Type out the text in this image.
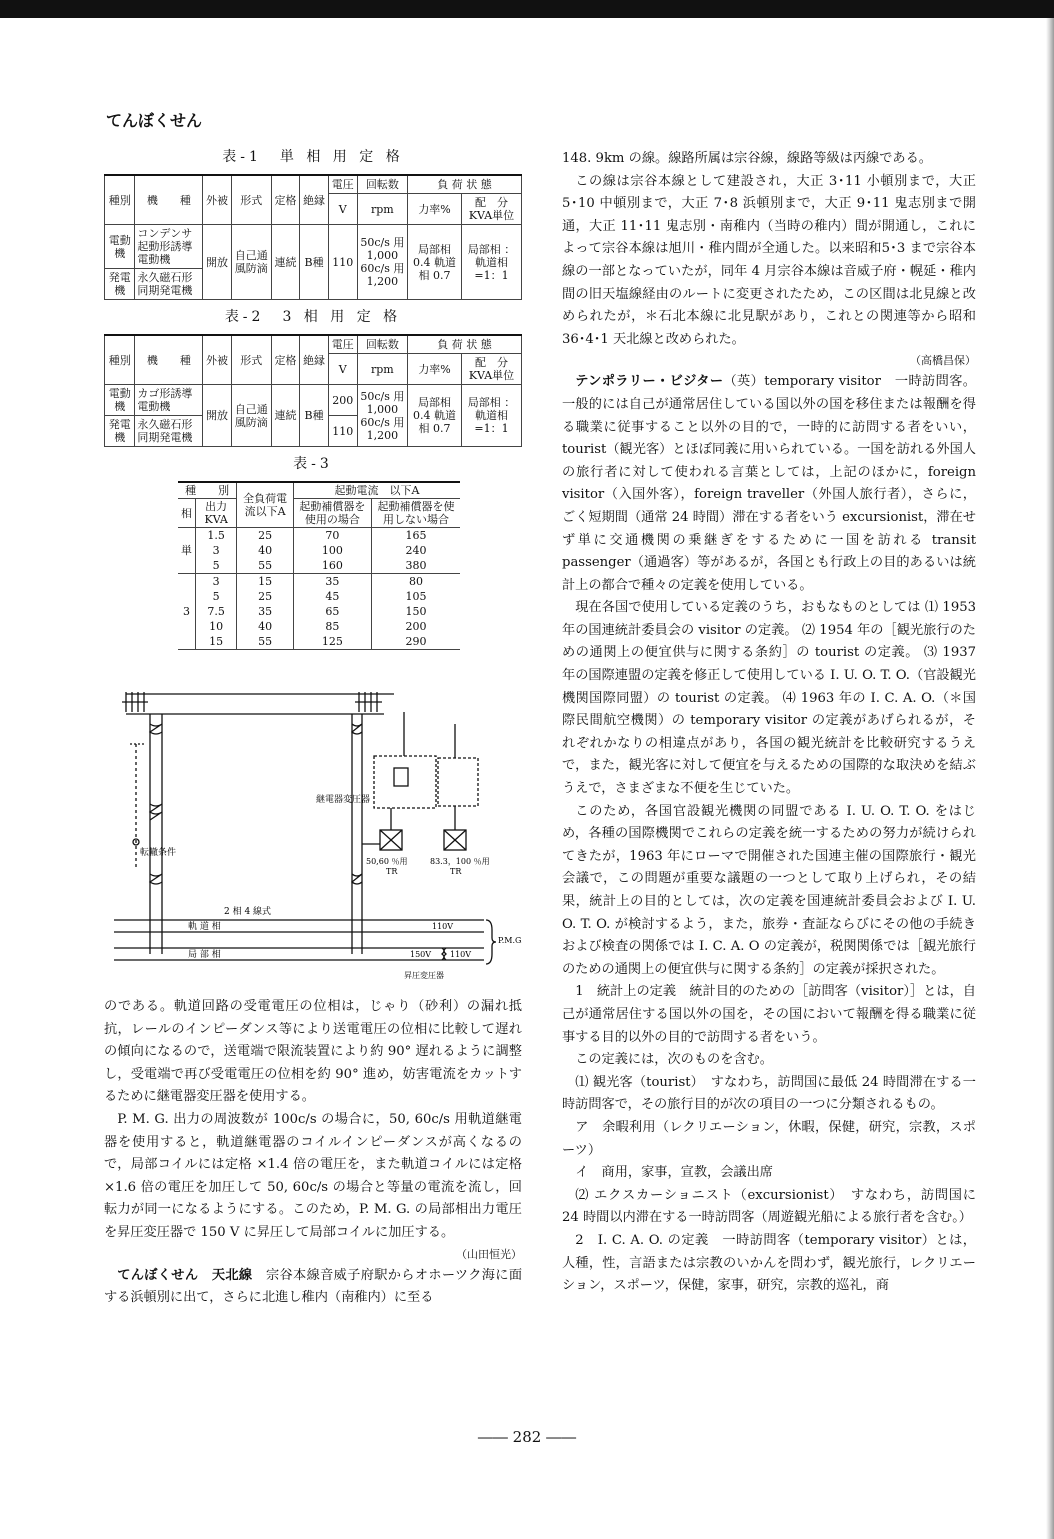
てんぼくせん
表-1　単 相 用 定 格
種別	機　　種	外被	形式	定格	絶縁	電圧	回転数	負 荷 状 態	
						V	rpm	力率%	配　分
KVA単位
電動機	コンデンサ起動形誘導電動機	開放	自己通風防滴	連続	B種	110	50c/s 用 1,000 60c/s 用 1,200	局部相 0.4 軌道相 0.7	局部相 ：軌道相 =1：1
発電機	永久磁石形同期発電機								
表-2　3 相 用 定 格
種別	機　　種	外被	形式	定格	絶縁	電圧	回転数	負 荷 状 態	
						V	rpm	力率%	配　分
KVA単位
電動機	カゴ形誘導電動機	開放	自己通風防滴	連続	B種	200	50c/s 用 1,000 60c/s 用 1,200	局部相 0.4 軌道相 0.7	局部相 ：軌道相 =1：1
発電機	永久磁石形同期発電機					110			
表-3
種　　別		全負荷電流以下A	起動電流　以下A	
相	出力KVA		起動補償器を使用の場合	起動補償器を使用しない場合
単	1.5	25	70	165
	3	40	100	240
	5	55	160	380
3	3	15	35	80
	5	25	45	105
	7.5	35	65	150
	10	40	85	200
	15	55	125	290
継電器変圧器
転轍条件
50,60 ％用
TR
83.3，100 ％用
TR
2 相 4 線式
軌 道 相
局 部 相
110V
150V 110V
P.M.G.
昇圧変圧器

のである。軌道回路の受電電圧の位相は，じゃり（砂利）の漏れ抵抗，レールのインピーダンス等により送電電圧の位相に比較して遅れの傾向になるので，送電端で限流装置により約 90° 遅れるように調整し，受電端で再び受電電圧の位相を約 90° 進め，妨害電流をカットするために継電器変圧器を使用する。

P. M. G. 出力の周波数が 100c/s の場合に，50, 60c/s 用軌道継電器を使用すると，軌道継電器のコイルインピーダンスが高くなるので，局部コイルには定格 ×1.4 倍の電圧を，また軌道コイルには定格×1.6 倍の電圧を加圧して 50, 60c/s の場合と等量の電流を流し，回転力が同一になるようにする。このため，P. M. G. の局部相出力電圧を昇圧変圧器で 150 V に昇圧して局部コイルに加圧する。

（山田恒光）

てんぼくせん　天北線　 宗谷本線音威子府駅からオホーツク海に面する浜頓別に出て，さらに北進し稚内（南稚内）に至る

148. 9km の線。線路所属は宗谷線，線路等級は丙線である。

この線は宗谷本線として建設され，大正 3･11 小頓別まで，大正 5･10 中頓別まで，大正 7･8 浜頓別まで，大正 9･11 鬼志別まで開通，大正 11･11 鬼志別・南稚内（当時の稚内）間が開通し，これによって宗谷本線は旭川・稚内間が全通した。以来昭和5･3 まで宗谷本線の一部となっていたが，同年 4 月宗谷本線は音威子府・幌延・稚内間の旧天塩線経由のルートに変更されたため，この区間は北見線と改められたが，＊石北本線に北見駅があり，これとの関連等から昭和 36･4･1 天北線と改められた。

（高橋昌保）

テンポラリー・ビジター（英）temporary visitor　一時訪問客。一般的には自己が通常居住している国以外の国を移住または報酬を得る職業に従事すること以外の目的で，一時的に訪問する者をいい，tourist（観光客）とほぼ同義に用いられている。一国を訪れる外国人の旅行者に対して使われる言葉としては，上記のほかに，foreign visitor（入国外客），foreign traveller（外国人旅行者），さらに，ごく短期間（通常 24 時間）滞在する者をいう excursionist，滞在せず単に交通機関の乗継ぎをするために一国を訪れる transit passenger（通過客）等があるが，各国とも行政上の目的あるいは統計上の都合で種々の定義を使用している。

現在各国で使用している定義のうち，おもなものとしては ⑴ 1953 年の国連統計委員会の visitor の定義。 ⑵ 1954 年の［観光旅行のための通関上の便宜供与に関する条約］の tourist の定義。 ⑶ 1937 年の国際連盟の定義を修正して使用している I. U. O. T. O.（官設観光機関国際同盟）の tourist の定義。 ⑷ 1963 年の I. C. A. O.（＊国際民間航空機関）の temporary visitor の定義があげられるが，それぞれかなりの相違点があり，各国の観光統計を比較研究するうえで，また，観光客に対して便宜を与えるための国際的な取決めを結ぶうえで，さまざまな不便を生じていた。

このため，各国官設観光機関の同盟である I. U. O. T. O. をはじめ，各種の国際機関でこれらの定義を統一するための努力が続けられてきたが，1963 年にローマで開催された国連主催の国際旅行・観光会議で，この問題が重要な議題の一つとして取り上げられ，その結果，統計上の目的としては，次の定義を国連統計委員会および I. U. O. T. O. が検討するよう，また，旅券・査証ならびにその他の手続きおよび検査の関係では I. C. A. O の定義が，税関関係では［観光旅行のための通関上の便宜供与に関する条約］の定義が採択された。

1　統計上の定義　統計目的のための［訪問客（visitor）］とは，自己が通常居住する国以外の国を，その国において報酬を得る職業に従事する目的以外の目的で訪問する者をいう。

この定義には，次のものを含む。

⑴ 観光客（tourist）　すなわち，訪問国に最低 24 時間滞在する一時訪問客で，その旅行目的が次の項目の一つに分類されるもの。

ア　余暇利用（レクリエーション，休暇，保健，研究，宗教，スポーツ）

イ　商用，家事，宣教，会議出席

⑵ エクスカーショニスト（excursionist）　すなわち，訪問国に 24 時間以内滞在する一時訪問客（周遊観光船による旅行者を含む。）

2　I. C. A. O. の定義　一時訪問客（temporary visitor）とは，人種，性，言語または宗教のいかんを問わず，観光旅行，レクリエーション，スポーツ，保健，家事，研究，宗教的巡礼，商

―― 282 ――
